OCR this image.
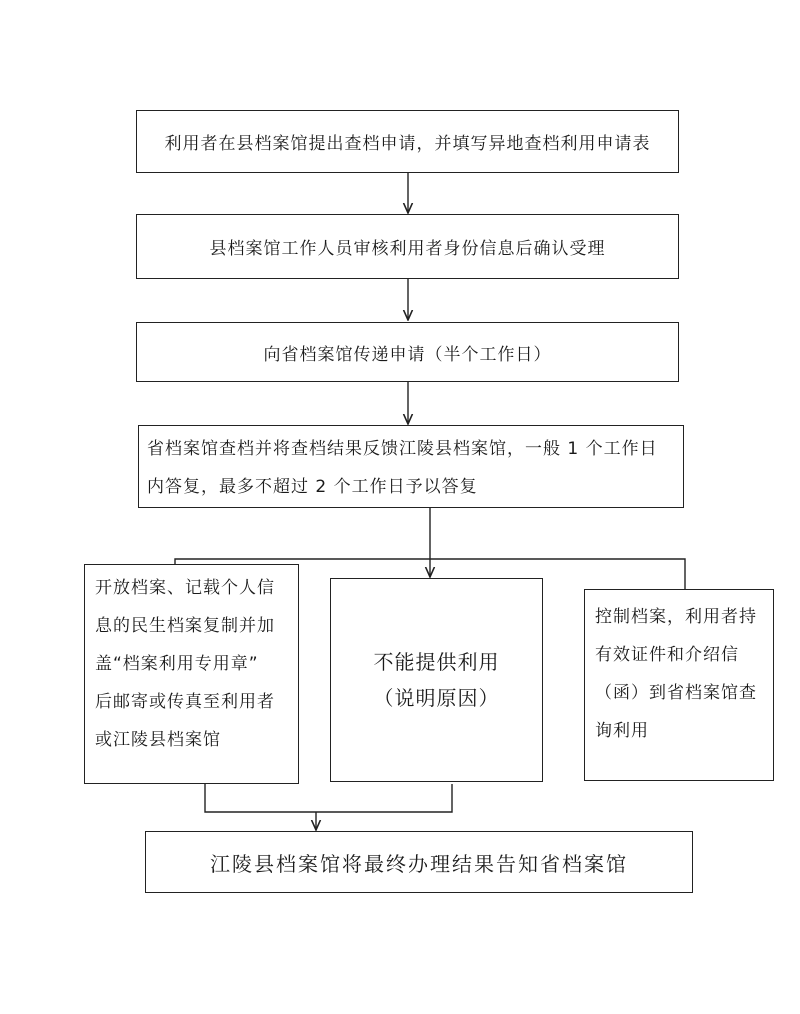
利用者在县档案馆提出查档申请，并填写异地查档利用申请表
县档案馆工作人员审核利用者身份信息后确认受理
向省档案馆传递申请（半个工作日）
省档案馆查档并将查档结果反馈江陵县档案馆，一般 1 个工作日
内答复，最多不超过 2 个工作日予以答复
开放档案、记载个人信
息的民生档案复制并加
盖“档案利用专用章”
后邮寄或传真至利用者
或江陵县档案馆
不能提供利用
（说明原因）
控制档案，利用者持
有效证件和介绍信
（函）到省档案馆查
询利用
江陵县档案馆将最终办理结果告知省档案馆
